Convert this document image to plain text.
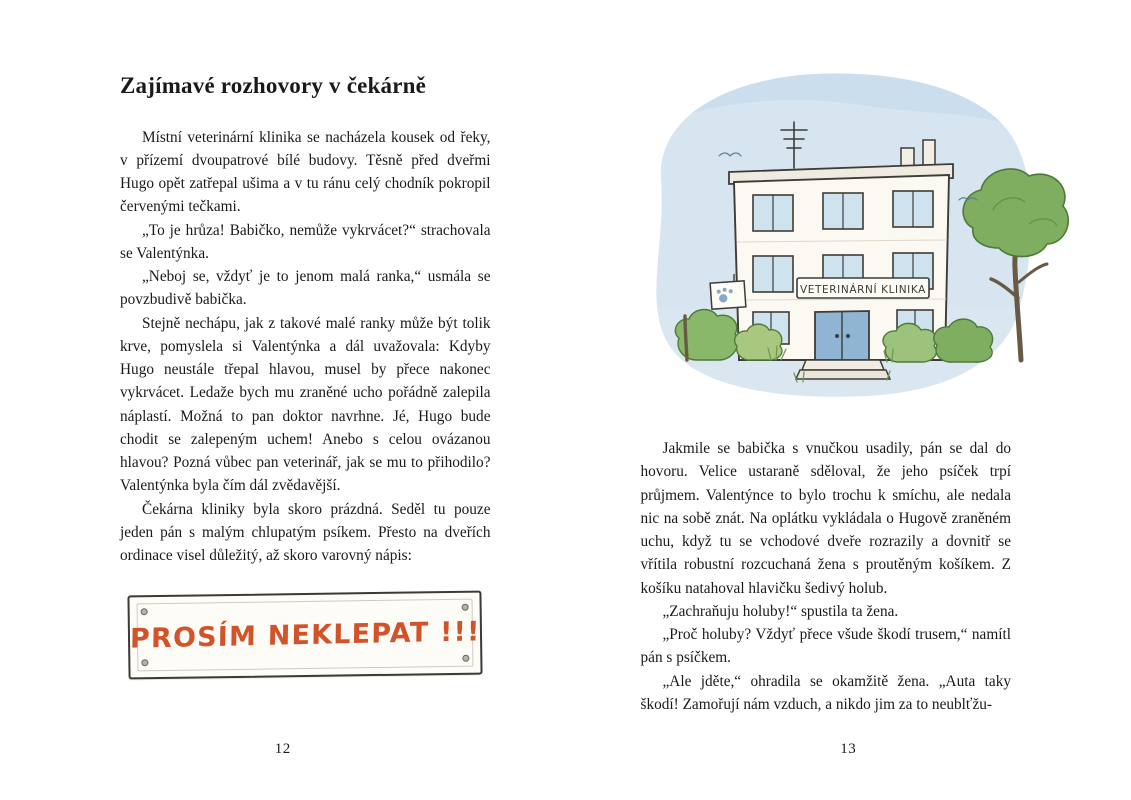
Zajímavé rozhovory v čekárně

Místní veterinární klinika se nacházela kousek od řeky, v přízemí dvoupatrové bílé budovy. Těsně před dveřmi Hugo opět zatřepal ušima a v tu ránu celý chodník pokropil červenými tečkami.

„To je hrůza! Babičko, nemůže vykrvácet?“ strachovala se Valentýnka.

„Neboj se, vždyť je to jenom malá ranka,“ usmála se povzbudivě babička.

Stejně nechápu, jak z takové malé ranky může být tolik krve, pomyslela si Valentýnka a dál uvažovala: Kdyby Hugo neustále třepal hlavou, musel by přece nakonec vykrvácet. Ledaže bych mu zraněné ucho pořádně zalepila náplastí. Možná to pan doktor navrhne. Jé, Hugo bude chodit se zalepeným uchem! Anebo s celou ovázanou hlavou? Pozná vůbec pan veterinář, jak se mu to přihodilo? Valentýnka byla čím dál zvědavější.

Čekárna kliniky byla skoro prázdná. Seděl tu pouze jeden pán s malým chlupatým psíkem. Přesto na dveřích ordinace visel důležitý, až skoro varovný nápis:

PROSÍM NEKLEPAT !!!
12
VETERINÁRNÍ KLINIKA

Jakmile se babička s vnučkou usadily, pán se dal do hovoru. Velice ustaraně sděloval, že jeho psíček trpí průjmem. Valentýnce to bylo trochu k smíchu, ale nedala nic na sobě znát. Na oplátku vykládala o Hugově zraněném uchu, když tu se vchodové dveře rozrazily a dovnitř se vřítila robustní rozcuchaná žena s proutěným košíkem. Z košíku natahoval hlavičku šedivý holub.

„Zachraňuju holuby!“ spustila ta žena.

„Proč holuby? Vždyť přece všude škodí trusem,“ namítl pán s psíčkem.

„Ale jděte,“ ohradila se okamžitě žena. „Auta taky škodí! Zamořují nám vzduch, a nikdo jim za to neublťžu-

13
